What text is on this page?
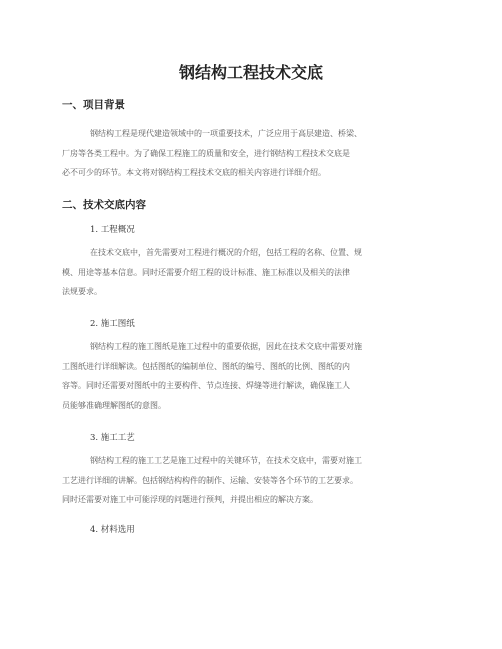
钢结构工程技术交底
一、项目背景
钢结构工程是现代建造领域中的一项重要技术，广泛应用于高层建造、桥梁、
厂房等各类工程中。为了确保工程施工的质量和安全，进行钢结构工程技术交底是
必不可少的环节。本文将对钢结构工程技术交底的相关内容进行详细介绍。
二、技术交底内容
1. 工程概况
在技术交底中，首先需要对工程进行概况的介绍，包括工程的名称、位置、规
模、用途等基本信息。同时还需要介绍工程的设计标准、施工标准以及相关的法律
法规要求。
2. 施工图纸
钢结构工程的施工图纸是施工过程中的重要依据，因此在技术交底中需要对施
工图纸进行详细解读。包括图纸的编制单位、图纸的编号、图纸的比例、图纸的内
容等。同时还需要对图纸中的主要构件、节点连接、焊缝等进行解读，确保施工人
员能够准确理解图纸的意图。
3. 施工工艺
钢结构工程的施工工艺是施工过程中的关键环节，在技术交底中，需要对施工
工艺进行详细的讲解。包括钢结构构件的制作、运输、安装等各个环节的工艺要求。
同时还需要对施工中可能浮现的问题进行预判，并提出相应的解决方案。
4. 材料选用
